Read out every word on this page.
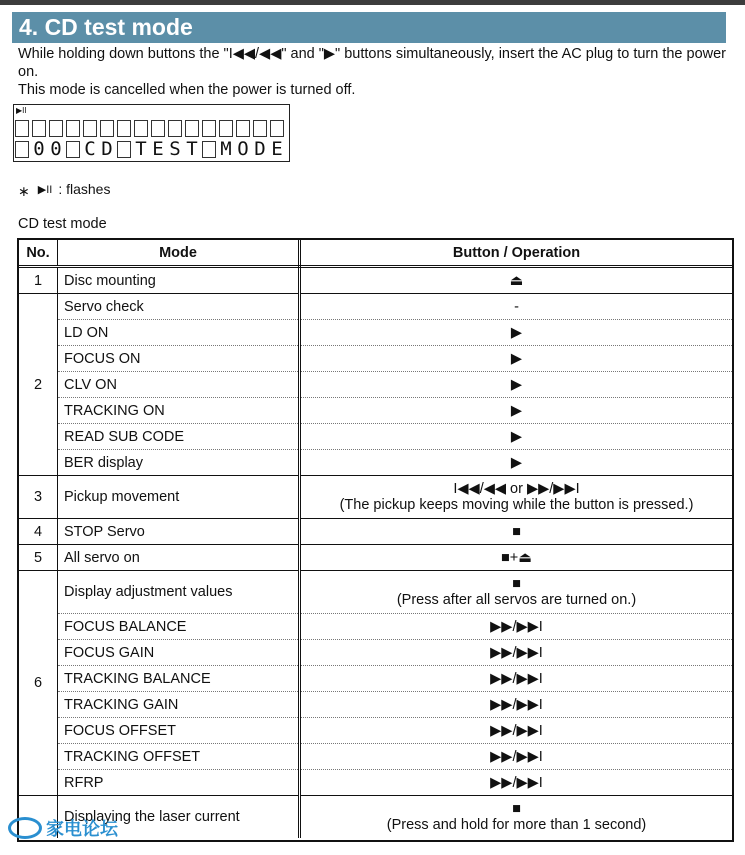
4. CD test mode

While holding down buttons the "I◀◀/◀◀" and "▶" buttons simultaneously, insert the AC plug to turn the power on.

This mode is cancelled when the power is turned off.

▶II
0 0 C D T E S T M O D E
∗ ▶II : flashes
CD test mode
No.	Mode	Button / Operation
1	Disc mounting	⏏
2	Servo check	-
	LD ON	▶
	FOCUS ON	▶
	CLV ON	▶
	TRACKING ON	▶
	READ SUB CODE	▶
	BER display	▶
3	Pickup movement	I◀◀/◀◀ or ▶▶/▶▶I
(The pickup keeps moving while the button is pressed.)

4	STOP Servo	■
5	All servo on	■+⏏
6	Display adjustment values	■
(Press after all servos are turned on.)

	FOCUS BALANCE	▶▶/▶▶I
	FOCUS GAIN	▶▶/▶▶I
	TRACKING BALANCE	▶▶/▶▶I
	TRACKING GAIN	▶▶/▶▶I
	FOCUS OFFSET	▶▶/▶▶I
	TRACKING OFFSET	▶▶/▶▶I
	RFRP	▶▶/▶▶I
	Displaying the laser current	■
(Press and hold for more than 1 second)
家电论坛
